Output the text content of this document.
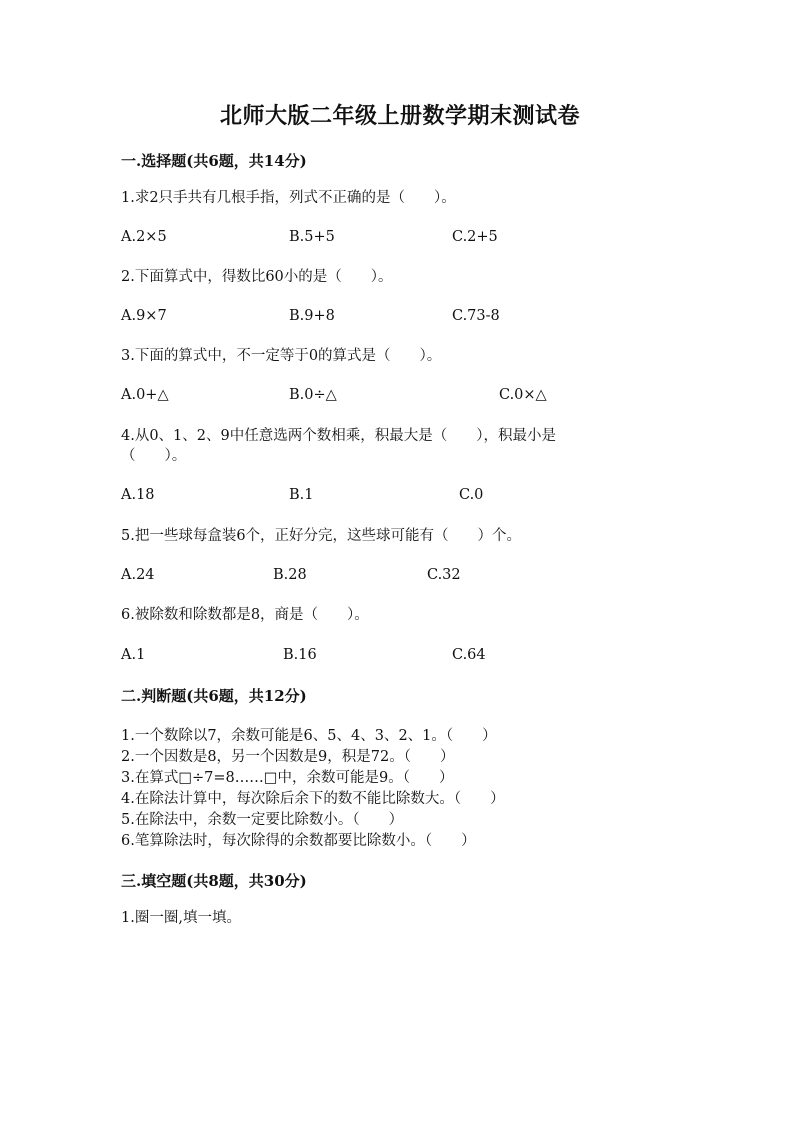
北师大版二年级上册数学期末测试卷
一.选择题(共6题，共14分)
1.求2只手共有几根手指，列式不正确的是（　　）。
A.2×5	B.5+5	C.2+5
2.下面算式中，得数比60小的是（　　）。
A.9×7	B.9+8	C.73-8
3.下面的算式中，不一定等于0的算式是（　　）。
A.0+△	B.0÷△	C.0×△
4.从0、1、2、9中任意选两个数相乘，积最大是（　　），积最小是
（　　）。
A.18	B.1	C.0
5.把一些球每盒装6个，正好分完，这些球可能有（　　）个。
A.24	B.28	C.32
6.被除数和除数都是8，商是（　　）。
A.1	B.16	C.64
二.判断题(共6题，共12分)
1.一个数除以7，余数可能是6、5、4、3、2、1。（　　）
2.一个因数是8，另一个因数是9，积是72。（　　）
3.在算式□÷7=8……□中，余数可能是9。（　　）
4.在除法计算中，每次除后余下的数不能比除数大。（　　）
5.在除法中，余数一定要比除数小。（　　）
6.笔算除法时，每次除得的余数都要比除数小。（　　）
三.填空题(共8题，共30分)
1.圈一圈,填一填。
